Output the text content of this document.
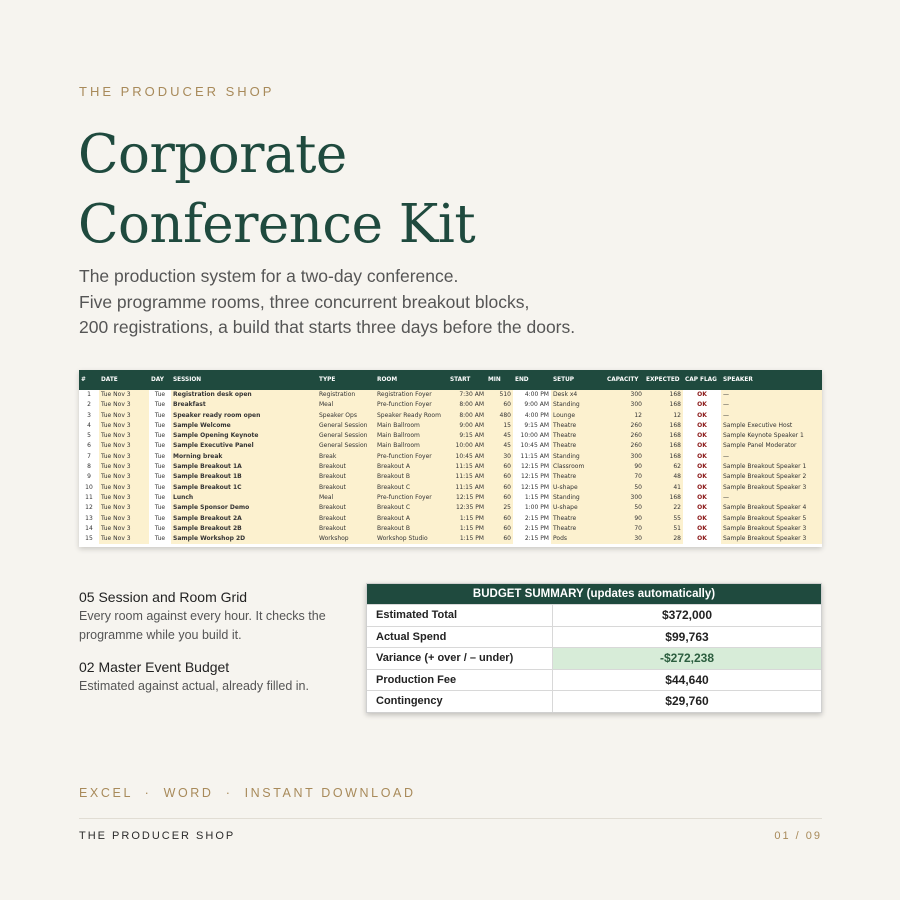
THE PRODUCER SHOP
Corporate
Conference Kit
The production system for a two-day conference.
Five programme rooms, three concurrent breakout blocks,
200 registrations, a build that starts three days before the doors.
#	DATE	DAY	SESSION	TYPE	ROOM	START	MIN	END	SETUP	CAPACITY	EXPECTED	CAP FLAG	SPEAKER
1	Tue Nov 3	Tue	Registration desk open	Registration	Registration Foyer	7:30 AM	510	4:00 PM	Desk x4	300	168	OK	—
2	Tue Nov 3	Tue	Breakfast	Meal	Pre-function Foyer	8:00 AM	60	9:00 AM	Standing	300	168	OK	—
3	Tue Nov 3	Tue	Speaker ready room open	Speaker Ops	Speaker Ready Room	8:00 AM	480	4:00 PM	Lounge	12	12	OK	—
4	Tue Nov 3	Tue	Sample Welcome	General Session	Main Ballroom	9:00 AM	15	9:15 AM	Theatre	260	168	OK	Sample Executive Host
5	Tue Nov 3	Tue	Sample Opening Keynote	General Session	Main Ballroom	9:15 AM	45	10:00 AM	Theatre	260	168	OK	Sample Keynote Speaker 1
6	Tue Nov 3	Tue	Sample Executive Panel	General Session	Main Ballroom	10:00 AM	45	10:45 AM	Theatre	260	168	OK	Sample Panel Moderator
7	Tue Nov 3	Tue	Morning break	Break	Pre-function Foyer	10:45 AM	30	11:15 AM	Standing	300	168	OK	—
8	Tue Nov 3	Tue	Sample Breakout 1A	Breakout	Breakout A	11:15 AM	60	12:15 PM	Classroom	90	62	OK	Sample Breakout Speaker 1
9	Tue Nov 3	Tue	Sample Breakout 1B	Breakout	Breakout B	11:15 AM	60	12:15 PM	Theatre	70	48	OK	Sample Breakout Speaker 2
10	Tue Nov 3	Tue	Sample Breakout 1C	Breakout	Breakout C	11:15 AM	60	12:15 PM	U-shape	50	41	OK	Sample Breakout Speaker 3
11	Tue Nov 3	Tue	Lunch	Meal	Pre-function Foyer	12:15 PM	60	1:15 PM	Standing	300	168	OK	—
12	Tue Nov 3	Tue	Sample Sponsor Demo	Breakout	Breakout C	12:35 PM	25	1:00 PM	U-shape	50	22	OK	Sample Breakout Speaker 4
13	Tue Nov 3	Tue	Sample Breakout 2A	Breakout	Breakout A	1:15 PM	60	2:15 PM	Theatre	90	55	OK	Sample Breakout Speaker 5
14	Tue Nov 3	Tue	Sample Breakout 2B	Breakout	Breakout B	1:15 PM	60	2:15 PM	Theatre	70	51	OK	Sample Breakout Speaker 3
15	Tue Nov 3	Tue	Sample Workshop 2D	Workshop	Workshop Studio	1:15 PM	60	2:15 PM	Pods	30	28	OK	Sample Breakout Speaker 3
05 Session and Room Grid
Every room against every hour. It checks the programme while you build it.
02 Master Event Budget
Estimated against actual, already filled in.
BUDGET SUMMARY (updates automatically)
Estimated Total	$372,000
Actual Spend	$99,763
Variance (+ over / – under)	-$272,238
Production Fee	$44,640
Contingency	$29,760
EXCEL  ·  WORD  ·  INSTANT DOWNLOAD
THE PRODUCER SHOP	01 / 09
